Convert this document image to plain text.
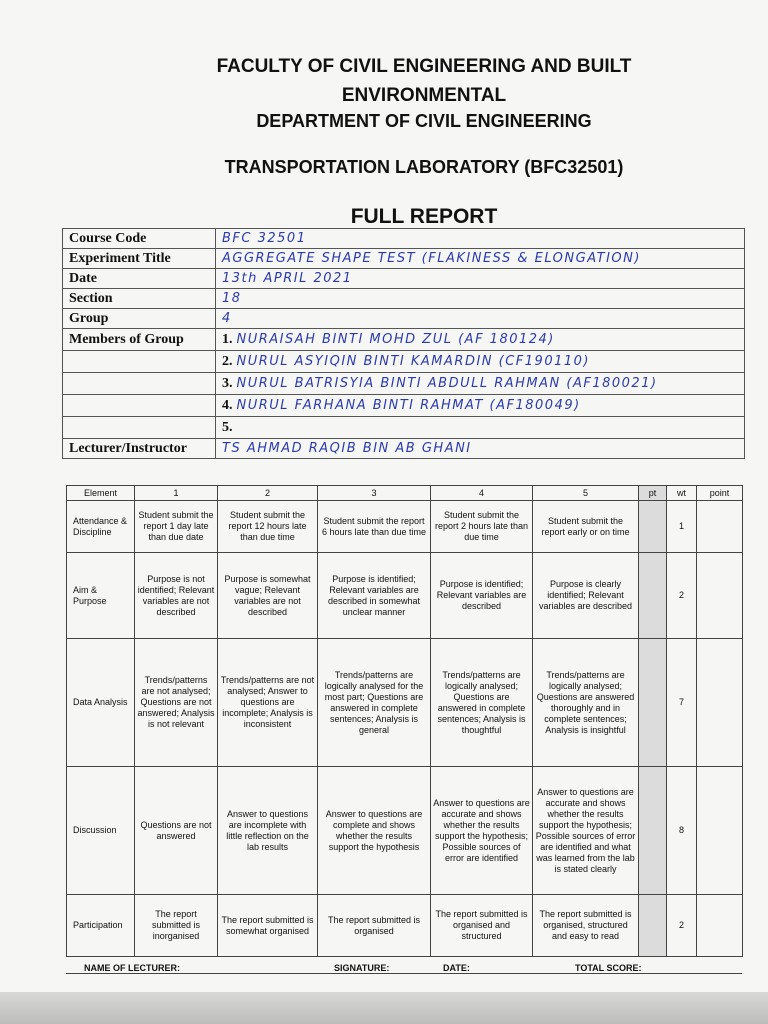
FACULTY OF CIVIL ENGINEERING AND BUILT
ENVIRONMENTAL
DEPARTMENT OF CIVIL ENGINEERING
TRANSPORTATION LABORATORY (BFC32501)
FULL REPORT
Course Code	BFC 32501
Experiment Title	AGGREGATE SHAPE TEST (FLAKINESS & ELONGATION)
Date	13th APRIL 2021
Section	18
Group	4
Members of Group	1. NURAISAH BINTI MOHD ZUL (AF 180124)
	2. NURUL ASYIQIN BINTI KAMARDIN (CF190110)
	3. NURUL BATRISYIA BINTI ABDULL RAHMAN (AF180021)
	4. NURUL FARHANA BINTI RAHMAT (AF180049)
	5.
Lecturer/Instructor	TS AHMAD RAQIB BIN AB GHANI
Element	1	2	3	4	5	pt	wt	point
Attendance & Discipline	Student submit the report 1 day late than due date	Student submit the report 12 hours late than due time	Student submit the report 6 hours late than due time	Student submit the report 2 hours late than due time	Student submit the report early or on time		1	
Aim & Purpose	Purpose is not identified; Relevant variables are not described	Purpose is somewhat vague; Relevant variables are not described	Purpose is identified; Relevant variables are described in somewhat unclear manner	Purpose is identified; Relevant variables are described	Purpose is clearly identified; Relevant variables are described		2	
Data Analysis	Trends/patterns are not analysed; Questions are not answered; Analysis is not relevant	Trends/patterns are not analysed; Answer to questions are incomplete; Analysis is inconsistent	Trends/patterns are logically analysed for the most part; Questions are answered in complete sentences; Analysis is general	Trends/patterns are logically analysed; Questions are answered in complete sentences; Analysis is thoughtful	Trends/patterns are logically analysed; Questions are answered thoroughly and in complete sentences; Analysis is insightful		7	
Discussion	Questions are not answered	Answer to questions are incomplete with little reflection on the lab results	Answer to questions are complete and shows whether the results support the hypothesis	Answer to questions are accurate and shows whether the results support the hypothesis; Possible sources of error are identified	Answer to questions are accurate and shows whether the results support the hypothesis; Possible sources of error are identified and what was learned from the lab is stated clearly		8	
Participation	The report submitted is inorganised	The report submitted is somewhat organised	The report submitted is organised	The report submitted is organised and structured	The report submitted is organised, structured and easy to read		2	
NAME OF LECTURER:	SIGNATURE:	DATE:	TOTAL SCORE:
